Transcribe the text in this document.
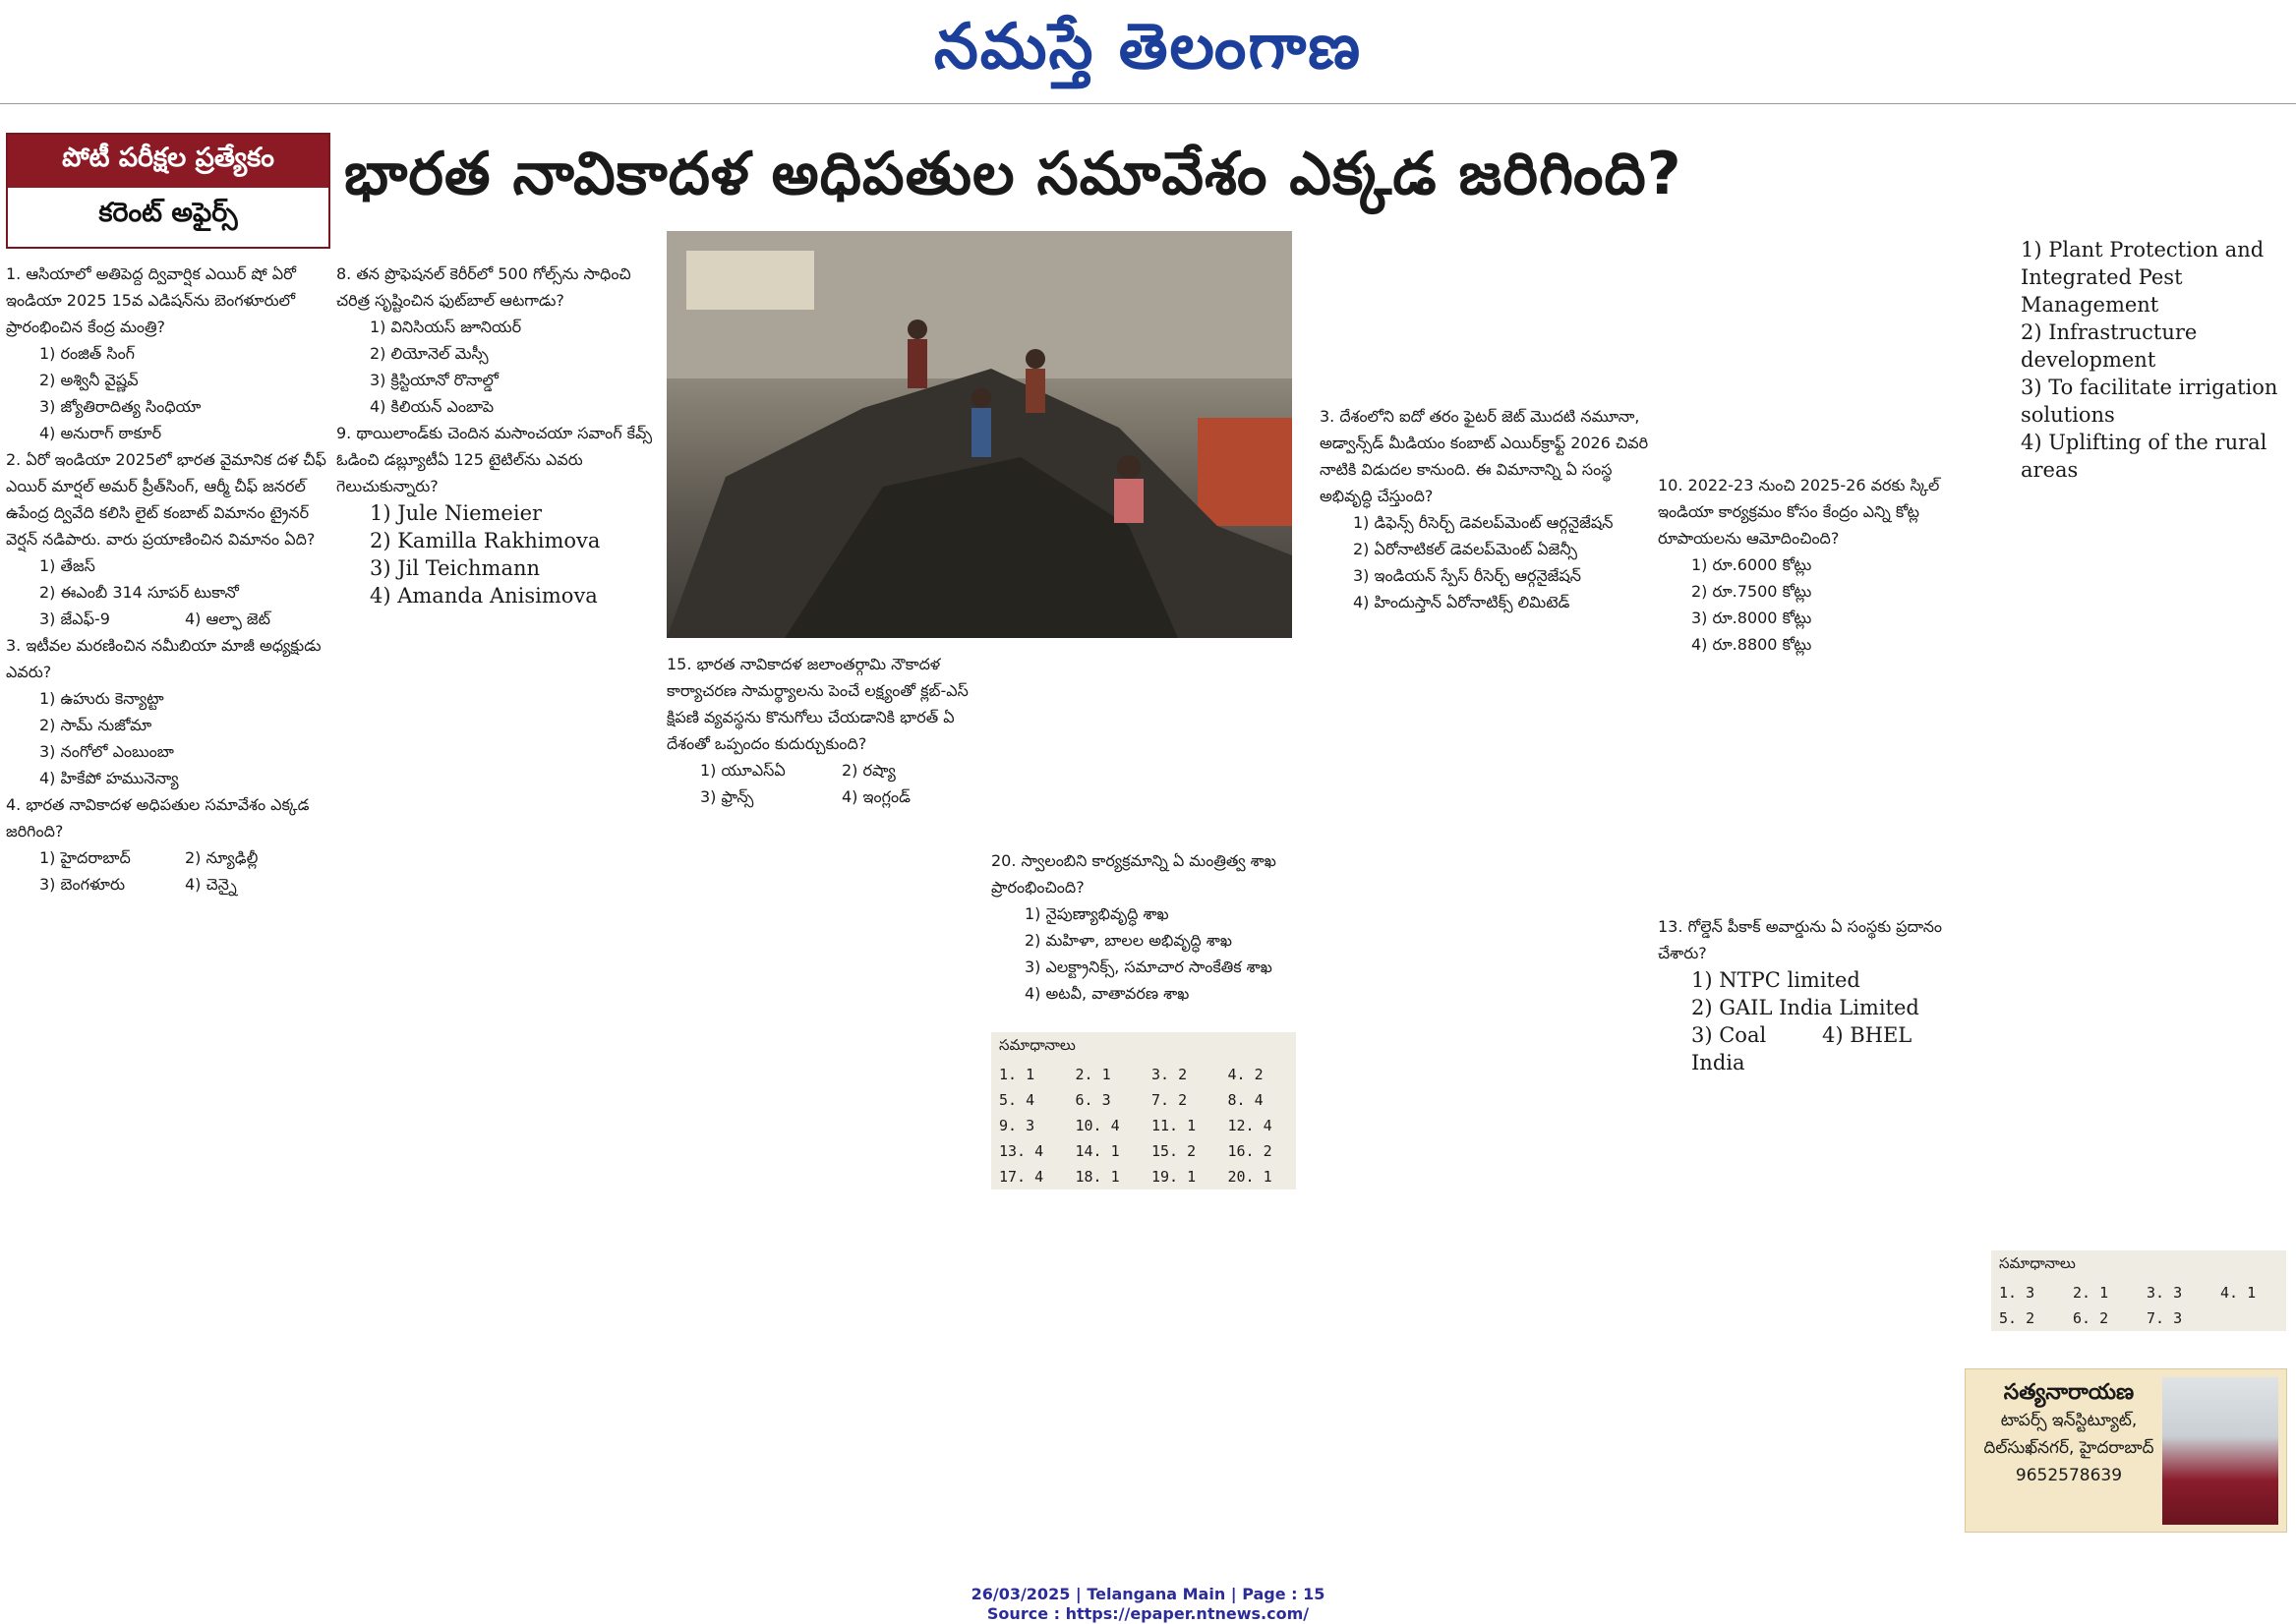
నమస్తే తెలంగాణ
పోటీ పరీక్షల ప్రత్యేకం
కరెంట్ అఫైర్స్
భారత నావికాదళ అధిపతుల సమావేశం ఎక్కడ జరిగింది?

1. ఆసియాలో అతిపెద్ద ద్వివార్షిక ఎయిర్ షో ఏరో ఇండియా 2025 15వ ఎడిషన్‌ను బెంగళూరులో ప్రారంభించిన కేంద్ర మంత్రి?

1) రంజిత్ సింగ్

2) అశ్వినీ వైష్ణవ్

3) జ్యోతిరాదిత్య సింధియా

4) అనురాగ్ ఠాకూర్

2. ఏరో ఇండియా 2025లో భారత వైమానిక దళ చీఫ్ ఎయిర్ మార్షల్ అమర్ ప్రీత్‌సింగ్, ఆర్మీ చీఫ్ జనరల్ ఉపేంద్ర ద్వివేది కలిసి లైట్ కంబాట్ విమానం ట్రైనర్ వెర్షన్ నడిపారు. వారు ప్రయాణించిన విమానం ఏది?

1) తేజస్

2) ఈఎంబీ 314 సూపర్ టుకానో

3) జేఎఫ్-9	4) ఆల్ఫా జెట్

3. ఇటీవల మరణించిన నమీబియా మాజీ అధ్యక్షుడు ఎవరు?

1) ఉహురు కెన్యాట్టా

2) సామ్ నుజోమా

3) నంగోలో ఎంబుంబా

4) హికేపో హమునెన్యా

4. భారత నావికాదళ అధిపతుల సమావేశం ఎక్కడ జరిగింది?

1) హైదరాబాద్	2) న్యూఢిల్లీ

3) బెంగళూరు	4) చెన్నై

8. తన ప్రొఫెషనల్ కెరీర్‌లో 500 గోల్స్‌ను సాధించి చరిత్ర సృష్టించిన ఫుట్‌బాల్ ఆటగాడు?

1) వినిసియస్ జూనియర్

2) లియోనెల్ మెస్సీ

3) క్రిస్టియానో రొనాల్డో

4) కిలియన్ ఎంబాపె

9. థాయిలాండ్‌కు చెందిన మసాంచయా సవాంగ్ కేవ్స్ ఓడించి డబ్ల్యూటీఏ 125 టైటిల్‌ను ఎవరు గెలుచుకున్నారు?

1) Jule Niemeier

2) Kamilla Rakhimova

3) Jil Teichmann

4) Amanda Anisimova

15. భారత నావికాదళ జలాంతర్గామి నౌకాదళ కార్యాచరణ సామర్థ్యాలను పెంచే లక్ష్యంతో క్లబ్-ఎస్ క్షిపణి వ్యవస్థను కొనుగోలు చేయడానికి భారత్ ఏ దేశంతో ఒప్పందం కుదుర్చుకుంది?

1) యూఎస్‌ఏ	2) రష్యా

3) ఫ్రాన్స్	4) ఇంగ్లండ్

సమాధానాలు
1. 1	2. 1	3. 2	4. 2
5. 4	6. 3	7. 2	8. 4
9. 3	10. 4	11. 1	12. 4
13. 4	14. 1	15. 2	16. 2
17. 4	18. 1	19. 1	20. 1

20. స్వాలంబిని కార్యక్రమాన్ని ఏ మంత్రిత్వ శాఖ ప్రారంభించింది?

1) నైపుణ్యాభివృద్ధి శాఖ

2) మహిళా, బాలల అభివృద్ధి శాఖ

3) ఎలక్ట్రానిక్స్, సమాచార సాంకేతిక శాఖ

4) అటవీ, వాతావరణ శాఖ

3. దేశంలోని ఐదో తరం ఫైటర్ జెట్ మొదటి నమూనా, అడ్వాన్స్‌డ్ మీడియం కంబాట్ ఎయిర్‌క్రాఫ్ట్ 2026 చివరి నాటికి విడుదల కానుంది. ఈ విమానాన్ని ఏ సంస్థ అభివృద్ధి చేస్తుంది?

1) డిఫెన్స్ రీసెర్చ్ డెవలప్‌మెంట్ ఆర్గనైజేషన్

2) ఏరోనాటికల్ డెవలప్‌మెంట్ ఏజెన్సీ

3) ఇండియన్ స్పేస్ రీసెర్చ్ ఆర్గనైజేషన్

4) హిందుస్తాన్ ఏరోనాటిక్స్ లిమిటెడ్

10. 2022-23 నుంచి 2025-26 వరకు స్కిల్ ఇండియా కార్యక్రమం కోసం కేంద్రం ఎన్ని కోట్ల రూపాయలను ఆమోదించింది?

1) రూ.6000 కోట్లు

2) రూ.7500 కోట్లు

3) రూ.8000 కోట్లు

4) రూ.8800 కోట్లు

13. గోల్డెన్ పీకాక్ అవార్డును ఏ సంస్థకు ప్రదానం చేశారు?

1) NTPC limited

2) GAIL India Limited

3) Coal India
4) BHEL

1) Plant Protection and Integrated Pest Management

2) Infrastructure development

3) To facilitate irrigation solutions

4) Uplifting of the rural areas

సమాధానాలు
1. 3	2. 1	3. 3	4. 1
5. 2	6. 2	7. 3	
సత్యనారాయణ
టాపర్స్ ఇన్‌స్టిట్యూట్,
దిల్‌సుఖ్‌నగర్, హైదరాబాద్
9652578639
26/03/2025 | Telangana Main | Page : 15
Source : https://epaper.ntnews.com/
